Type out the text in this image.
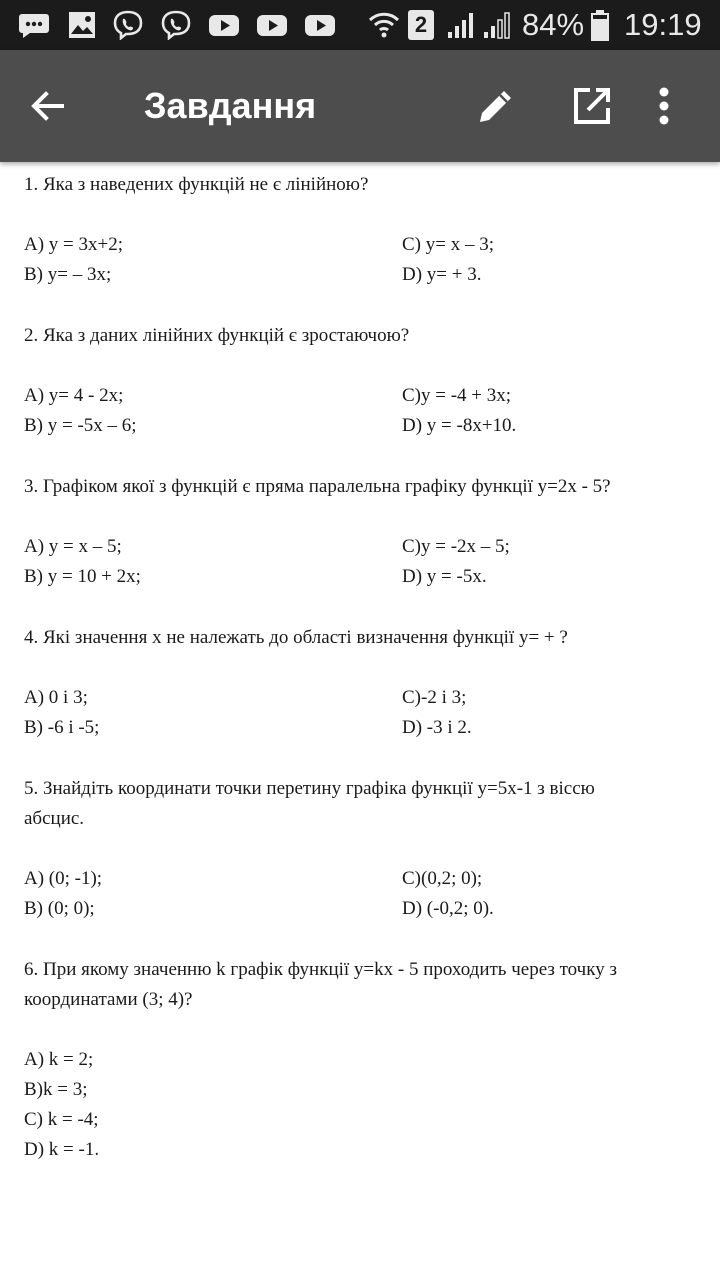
2	84% 19:19
Завдання
1. Яка з наведених функцій не є лінійною?
A) y = 3x+2;	C) y= x – 3;
B) y= – 3x;	D) y= + 3.
2. Яка з даних лінійних функцій є зростаючою?
A) y= 4 - 2x;	C)y = -4 + 3x;
B) y = -5x – 6;	D) y = -8x+10.
3. Графіком якої з функцій є пряма паралельна графіку функції y=2x - 5?
A) y = x – 5;	C)y = -2x – 5;
B) y = 10 + 2x;	D) y = -5x.
4. Які значення x не належать до області визначення функції y= + ?
A) 0 і 3;	C)-2 і 3;
B) -6 і -5;	D) -3 і 2.
5. Знайдіть координати точки перетину графіка функції y=5x-1 з віссю
абсцис.
A) (0; -1);	C)(0,2; 0);
B) (0; 0);	D) (-0,2; 0).
6. При якому значенню k графік функції y=kx - 5 проходить через точку з
координатами (3; 4)?
A) k = 2;
B)k = 3;
C) k = -4;
D) k = -1.
